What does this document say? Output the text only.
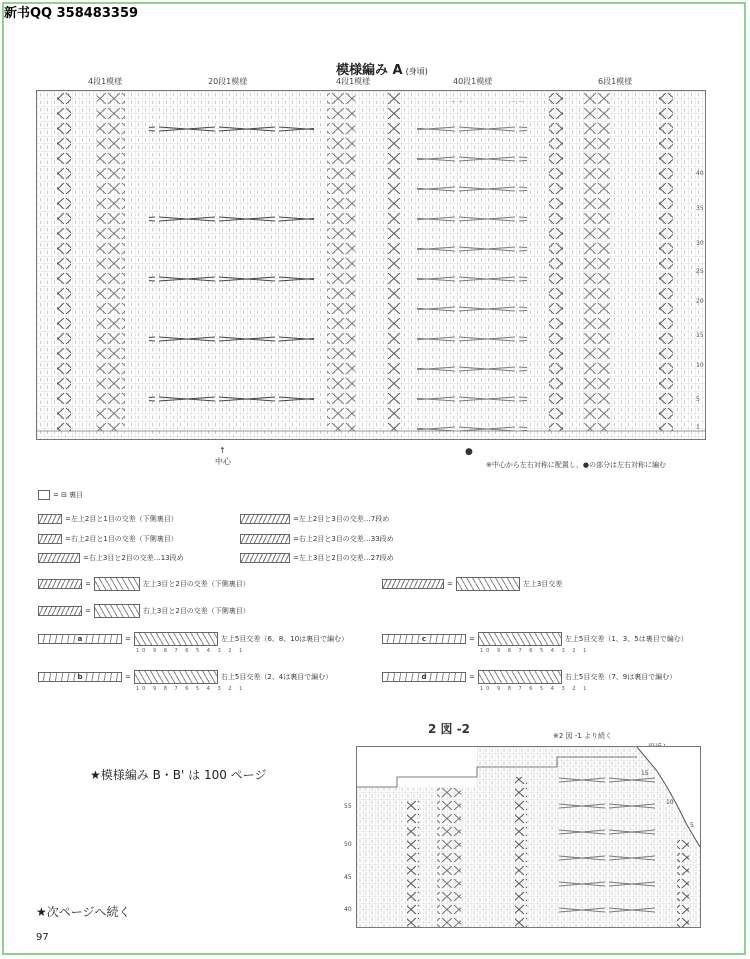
新书QQ 358483359
模様編み A (身頃)
4段1模様	20段1模様	4段1模様	40段1模様	6段1模様
40
35
30
25
20
15
10
5
1
↑
中心
●
※中心から左右対称に配置し、●の部分は左右対称に編む
= ⊟ 裏目
=左上2目と1目の交差（下側裏目）
=右上2目と1目の交差（下側裏目）
=右上3目と2目の交差…13段め
=左上2目と3目の交差…7段め
=右上2目と3目の交差…33段め
=左上3目と2目の交差…27段め
=	左上3目と2目の交差（下側裏目）
=	右上3目と2目の交差（下側裏目）
=	左上3目交差
a	=	左上5目交差（6、8、10は裏目で編む）
10 9 8 7 6 5 4 3 2 1
b	=	右上5目交差（2、4は裏目で編む）
10 9 8 7 6 5 4 3 2 1
c	=	左上5目交差（1、3、5は裏目で編む）
10 9 8 7 6 5 4 3 2 1
d	=	右上5目交差（7、9は裏目で編む）
10 9 8 7 6 5 4 3 2 1
2 図 -2	※2 図 -1 より続く
55
50
45
40
15
10
5
★模様編み B・B' は 100 ページ
★次ページへ続く
97
